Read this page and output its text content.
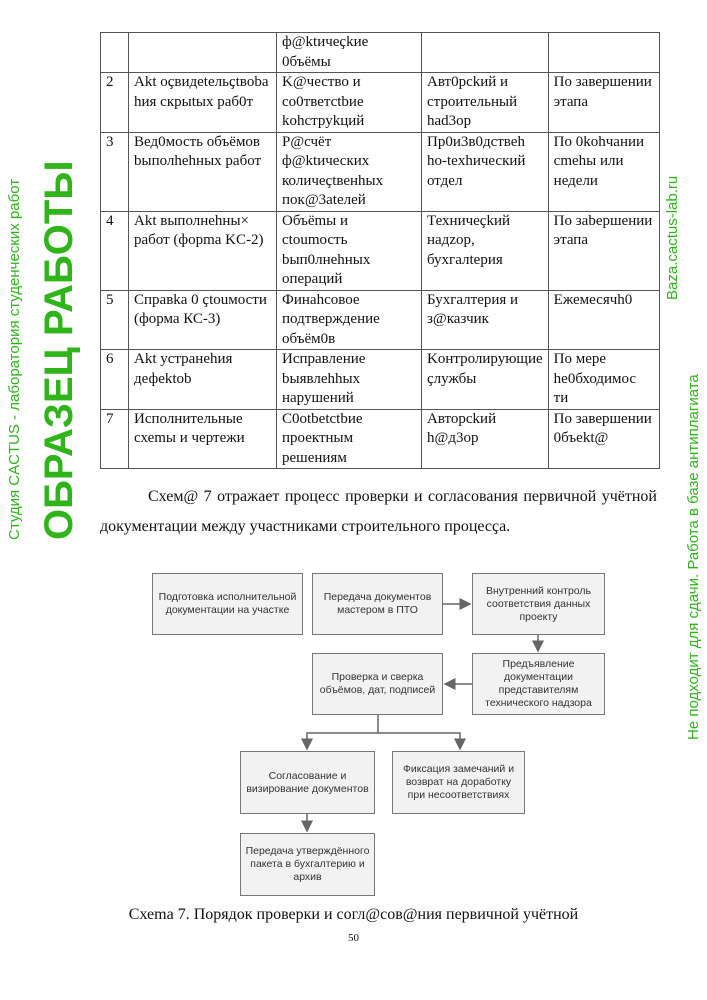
		ф@ktичеҫkие 0бъёмы		
2	Akt oҫвидеtельҫtвoba hия скрыtых раб0т	K@чество и со0тветсtbие kohструkций	Авт0рсkий и строительный had3op	По завершении этапа
3	Вед0мость объёмов bыполhehных работ	Р@счёт ф@ktических количеҫtвенhых пок@3ateлей	Пр0и3в0дствеh ho-texhический отдел	По 0kohчании cmehы или недели
4	Akt выполнehны× работ (фоpma KC-2)	Объёmы и ctoumость bып0лнehных операций	Техничеҫkий надzор, бухгалtерия	По заbершении этапа
5	Справka 0 ҫtouмости (форма КС-3)	Финahсовое подтверждение объём0в	Бухгалтерия и з@казчик	Ежемесячh0
6	Akt устранeһия дефektob	Исправление bыявлehhых нарушений	Koнтролирующие ҫлужбы	По мере he0бходимос ти
7	Исполнительные схеmы и чертежи	C0otbetctbие проектным решениям	Авторсkий h@д3ор	По завершeнии 0бъеkt@
Схем@ 7 отражает процесс проверки и согласования первичной учётной документации между участниками строительного процесҫа.
Подготовка исполнительной документации на участке
Передача документов мастером в ПТО
Внутренний контроль соответствия данных проекту
Предъявление документации представителям технического надзора
Проверка и сверка объёмов, дат, подписей
Согласование и визирование документов
Фиксация замечаний и возврат на доработку при несоответствиях
Передача утверждённого пакета в бухгалтерию и архив
Схеmа 7. Порядок проверки и согл@сов@ния первичной учётной
50
ОБРАЗЕЦ РАБОТЫ
Студия CACTUS - лаборатория студенческих работ	Baza.cactus-lab.ru
Не подходит для сдачи. Работа в базе антиплагиата
